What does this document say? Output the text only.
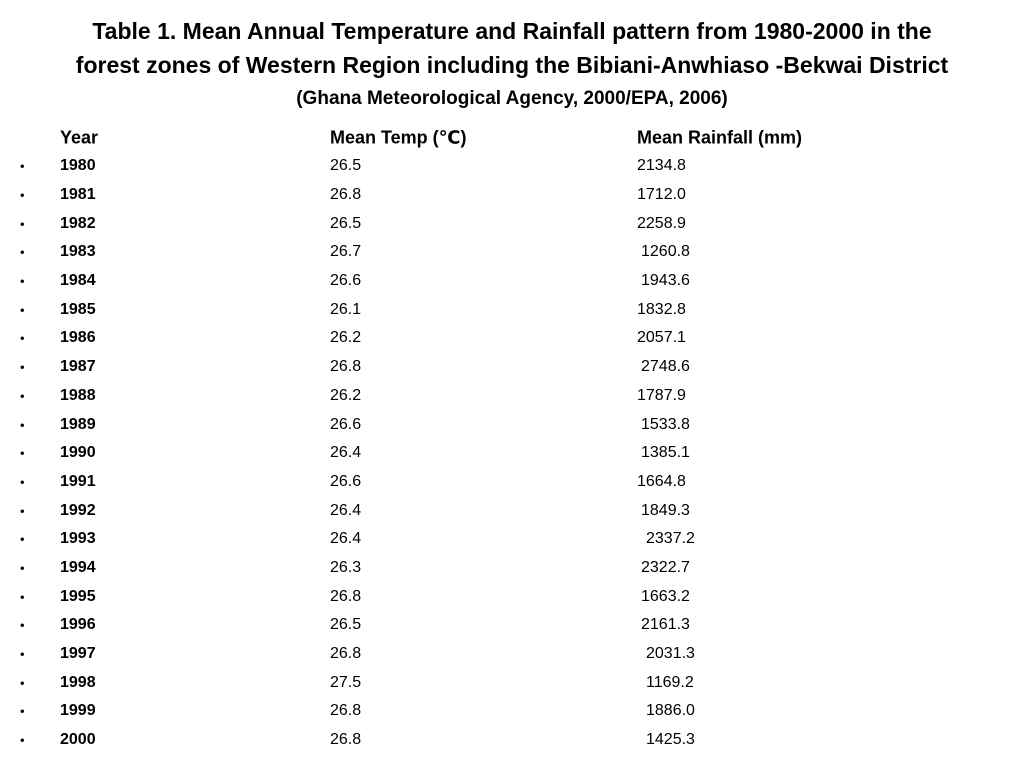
Table 1. Mean Annual Temperature and Rainfall pattern from 1980-2000 in the
forest zones of Western Region including the Bibiani-Anwhiaso -Bekwai District
(Ghana Meteorological Agency, 2000/EPA, 2006)
Year	Mean Temp (℃)	Mean Rainfall (mm)
• 1980	26.5	2134.8
• 1981	26.8	1712.0
• 1982	26.5	2258.9
• 1983	26.7	1260.8
• 1984	26.6	1943.6
• 1985	26.1	1832.8
• 1986	26.2	2057.1
• 1987	26.8	2748.6
• 1988	26.2	1787.9
• 1989	26.6	1533.8
• 1990	26.4	1385.1
• 1991	26.6	1664.8
• 1992	26.4	1849.3
• 1993	26.4	2337.2
• 1994	26.3	2322.7
• 1995	26.8	1663.2
• 1996	26.5	2161.3
• 1997	26.8	2031.3
• 1998	27.5	1169.2
• 1999	26.8	1886.0
• 2000	26.8	1425.3
